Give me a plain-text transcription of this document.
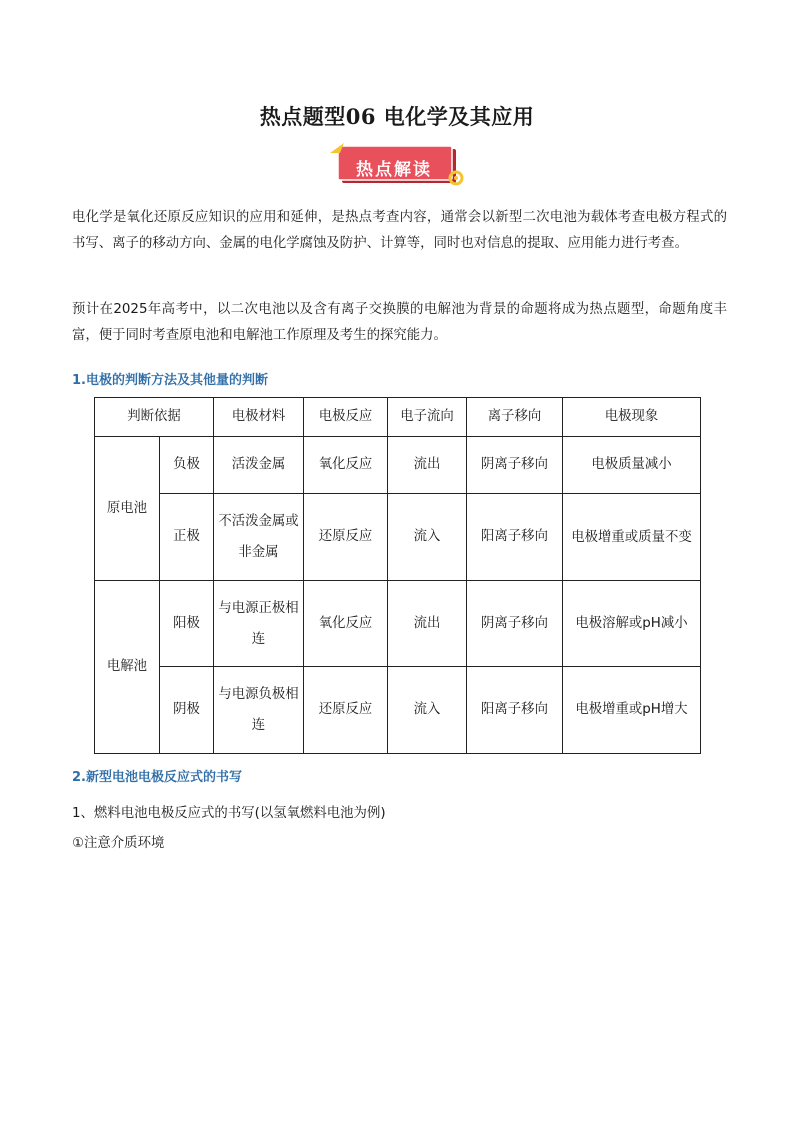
热点题型06 电化学及其应用
热点解读
电化学是氧化还原反应知识的应用和延伸，是热点考查内容，通常会以新型二次电池为载体考查电极方程式的书写、离子的移动方向、金属的电化学腐蚀及防护、计算等，同时也对信息的提取、应用能力进行考查。
预计在2025年高考中，以二次电池以及含有离子交换膜的电解池为背景的命题将成为热点题型，命题角度丰富，便于同时考查原电池和电解池工作原理及考生的探究能力。
1.电极的判断方法及其他量的判断
判断依据		电极材料	电极反应	电子流向	离子移向	电极现象
原电池	负极	活泼金属	氧化反应	流出	阴离子移向	电极质量减小
	正极	不活泼金属或非金属	还原反应	流入	阳离子移向	电极增重或质量不变
电解池	阳极	与电源正极相连	氧化反应	流出	阴离子移向	电极溶解或pH减小
	阴极	与电源负极相连	还原反应	流入	阳离子移向	电极增重或pH增大
2.新型电池电极反应式的书写
1、燃料电池电极反应式的书写(以氢氧燃料电池为例)
①注意介质环境
